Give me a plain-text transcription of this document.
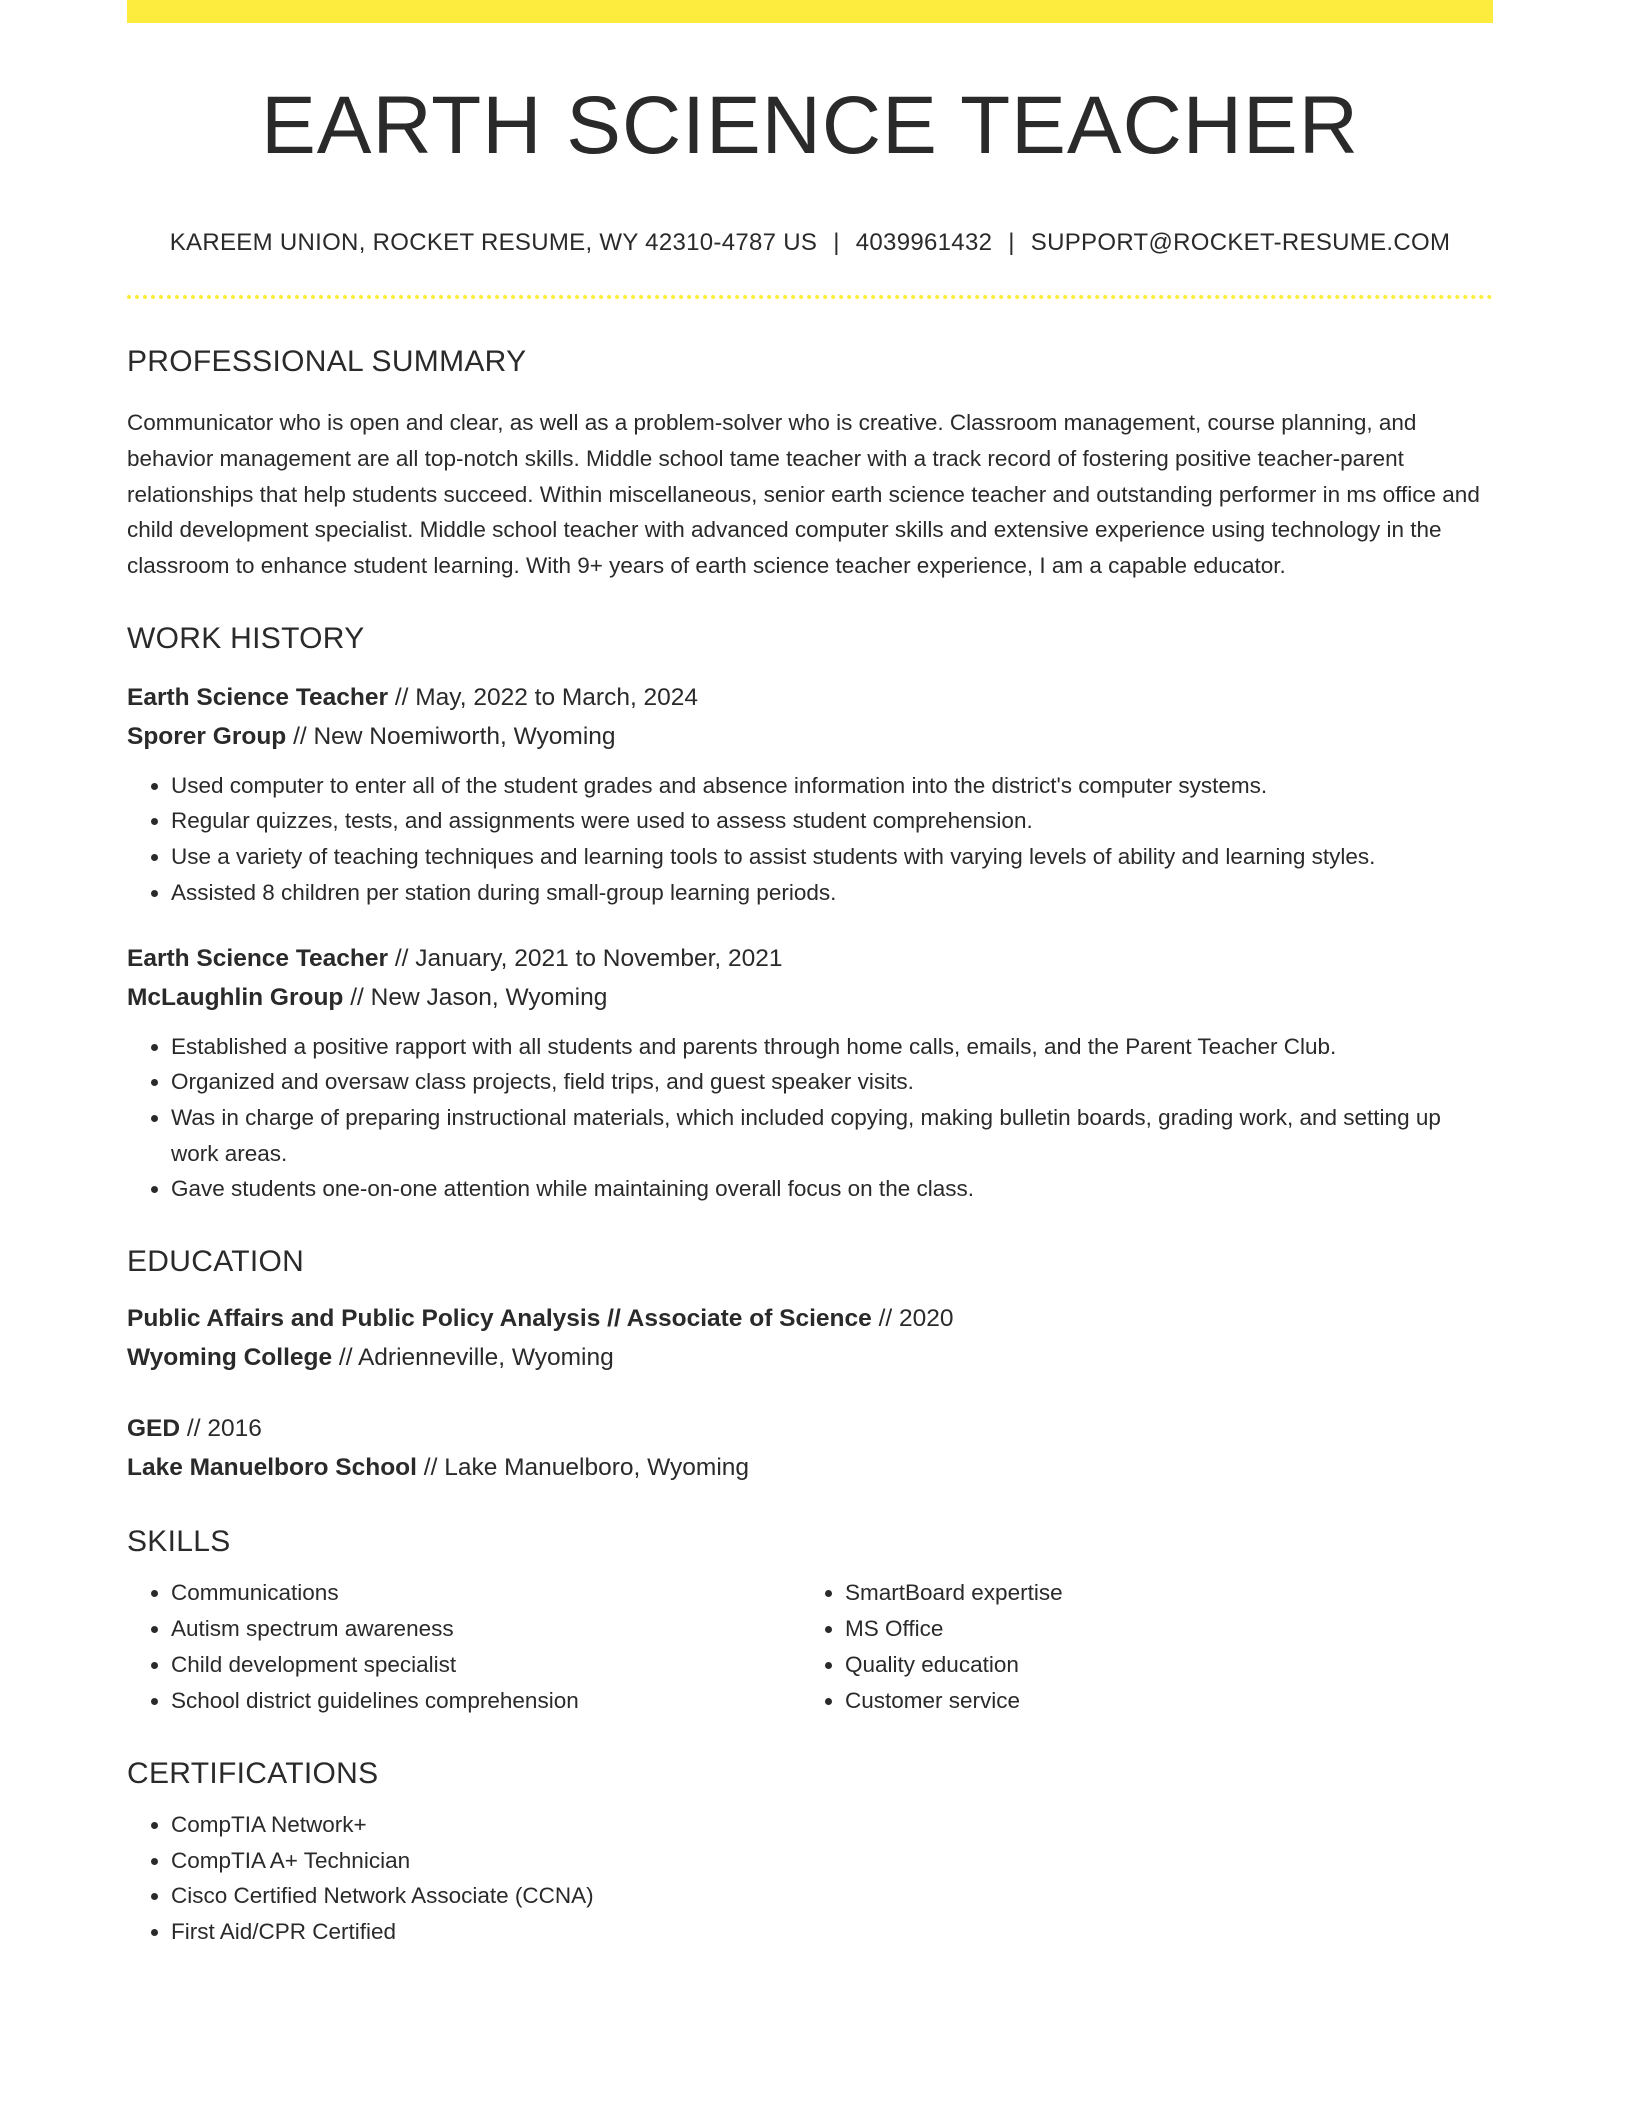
EARTH SCIENCE TEACHER
KAREEM UNION, ROCKET RESUME, WY 42310-4787 US | 4039961432 | SUPPORT@ROCKET-RESUME.COM
PROFESSIONAL SUMMARY
Communicator who is open and clear, as well as a problem-solver who is creative. Classroom management, course planning, and behavior management are all top-notch skills. Middle school tame teacher with a track record of fostering positive teacher-parent relationships that help students succeed. Within miscellaneous, senior earth science teacher and outstanding performer in ms office and child development specialist. Middle school teacher with advanced computer skills and extensive experience using technology in the classroom to enhance student learning. With 9+ years of earth science teacher experience, I am a capable educator.
WORK HISTORY
Earth Science Teacher // May, 2022 to March, 2024
Sporer Group // New Noemiworth, Wyoming
• Used computer to enter all of the student grades and absence information into the district's computer systems.
• Regular quizzes, tests, and assignments were used to assess student comprehension.
• Use a variety of teaching techniques and learning tools to assist students with varying levels of ability and learning styles.
• Assisted 8 children per station during small-group learning periods.
Earth Science Teacher // January, 2021 to November, 2021
McLaughlin Group // New Jason, Wyoming
• Established a positive rapport with all students and parents through home calls, emails, and the Parent Teacher Club.
• Organized and oversaw class projects, field trips, and guest speaker visits.
• Was in charge of preparing instructional materials, which included copying, making bulletin boards, grading work, and setting up work areas.
• Gave students one-on-one attention while maintaining overall focus on the class.
EDUCATION
Public Affairs and Public Policy Analysis // Associate of Science // 2020
Wyoming College // Adrienneville, Wyoming
GED // 2016
Lake Manuelboro School // Lake Manuelboro, Wyoming
SKILLS
• Communications
• Autism spectrum awareness
• Child development specialist
• School district guidelines comprehension
• SmartBoard expertise
• MS Office
• Quality education
• Customer service
CERTIFICATIONS
• CompTIA Network+
• CompTIA A+ Technician
• Cisco Certified Network Associate (CCNA)
• First Aid/CPR Certified
